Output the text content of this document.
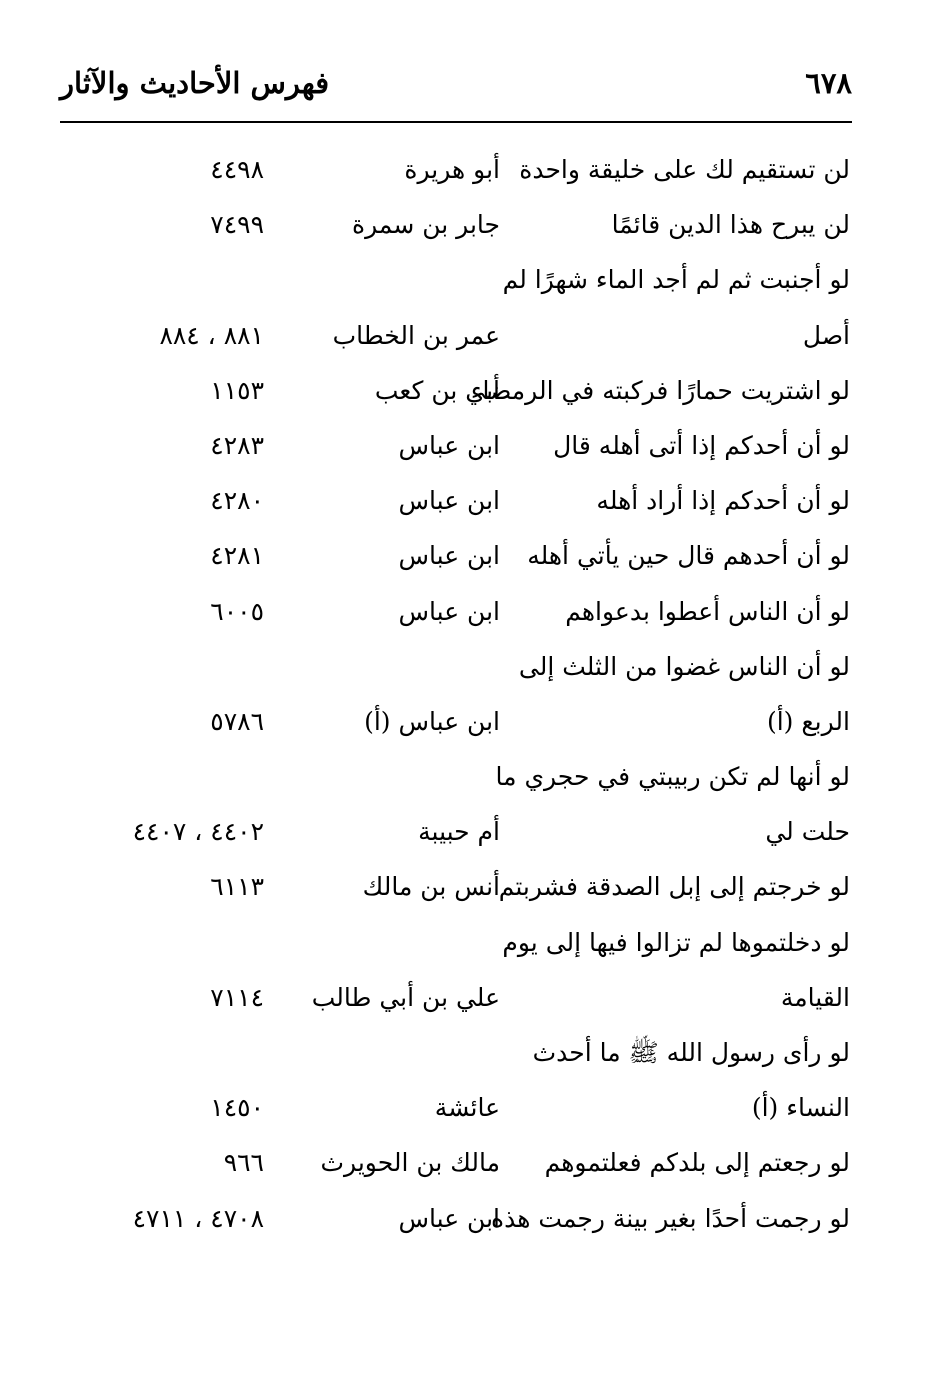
فهرس الأحاديث والآثار	٦٧٨
لن تستقيم لك على خليقة واحدة
أبو هريرة
٤٤٩٨
لن يبرح هذا الدين قائمًا
جابر بن سمرة
٧٤٩٩
لو أجنبت ثم لم أجد الماء شهرًا لم
أصل
عمر بن الخطاب
٨٨١ ، ٨٨٤
لو اشتريت حمارًا فركبته في الرمضاء
أبي بن كعب
١١٥٣
لو أن أحدكم إذا أتى أهله قال
ابن عباس
٤٢٨٣
لو أن أحدكم إذا أراد أهله
ابن عباس
٤٢٨٠
لو أن أحدهم قال حين يأتي أهله
ابن عباس
٤٢٨١
لو أن الناس أعطوا بدعواهم
ابن عباس
٦٠٠٥
لو أن الناس غضوا من الثلث إلى
الربع (أ)
ابن عباس (أ)
٥٧٨٦
لو أنها لم تكن ربيبتي في حجري ما
حلت لي
أم حبيبة
٤٤٠٢ ، ٤٤٠٧
لو خرجتم إلى إبل الصدقة فشربتم
أنس بن مالك
٦١١٣
لو دخلتموها لم تزالوا فيها إلى يوم
القيامة
علي بن أبي طالب
٧١١٤
لو رأى رسول الله ﷺ ما أحدث
النساء (أ)
عائشة
١٤٥٠
لو رجعتم إلى بلدكم فعلتموهم
مالك بن الحويرث
٩٦٦
لو رجمت أحدًا بغير بينة رجمت هذه
ابن عباس
٤٧٠٨ ، ٤٧١١
